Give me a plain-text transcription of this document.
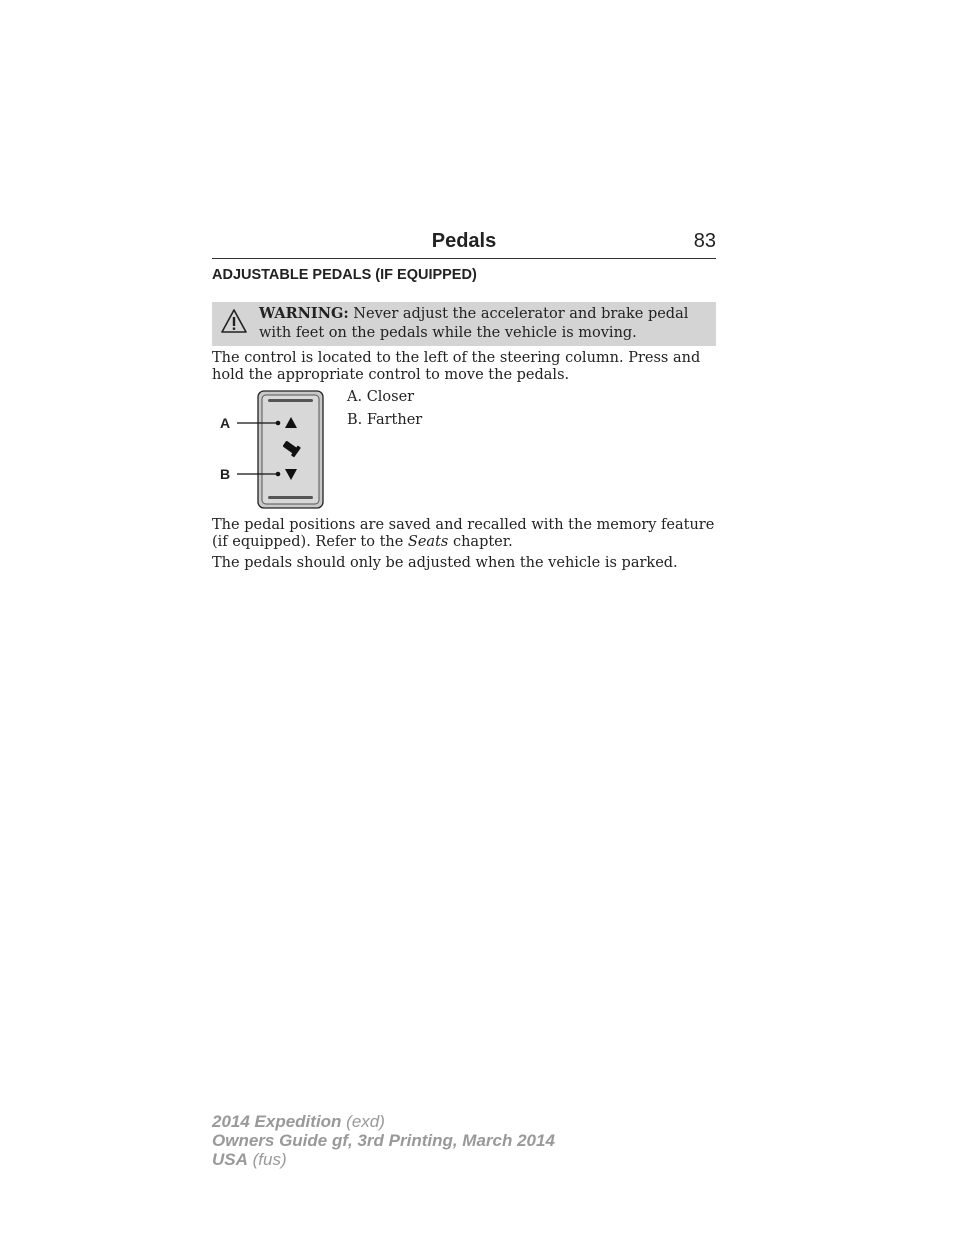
Pedals	83
ADJUSTABLE PEDALS (IF EQUIPPED)
WARNING: Never adjust the accelerator and brake pedal with feet on the pedals while the vehicle is moving.
The control is located to the left of the steering column. Press and hold the appropriate control to move the pedals.
A
B
A. Closer
B. Farther
The pedal positions are saved and recalled with the memory feature (if equipped). Refer to the Seats chapter.
The pedals should only be adjusted when the vehicle is parked.
2014 Expedition (exd)
Owners Guide gf, 3rd Printing, March 2014
USA (fus)
